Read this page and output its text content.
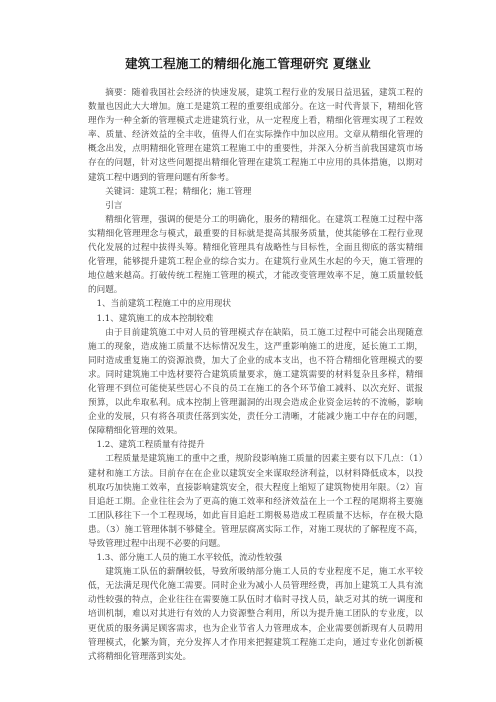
建筑工程施工的精细化施工管理研究 夏继业

摘要：随着我国社会经济的快速发展，建筑工程行业的发展日益迅猛，建筑工程的数量也因此大大增加。施工是建筑工程的重要组成部分。在这一时代背景下，精细化管理作为一种全新的管理模式走进建筑行业，从一定程度上看，精细化管理实现了工程效率、质量、经济效益的全丰收，值得人们在实际操作中加以应用。文章从精细化管理的概念出发，点明精细化管理在建筑工程施工中的重要性，并深入分析当前我国建筑市场存在的问题，针对这些问题提出精细化管理在建筑工程施工中应用的具体措施，以期对建筑工程中遇到的管理问题有所参考。

关键词：建筑工程；精细化；施工管理

引言

精细化管理，强调的便是分工的明确化，服务的精细化。在建筑工程施工过程中落实精细化管理理念与模式，最重要的目标就是提高其服务质量，使其能够在工程行业现代化发展的过程中拔得头筹。精细化管理具有战略性与目标性，全面且彻底的落实精细化管理，能够提升建筑工程企业的综合实力。在建筑行业风生水起的今天，施工管理的地位越来越高。打破传统工程施工管理的模式，才能改变管理效率不足，施工质量较低的问题。

1、当前建筑工程施工中的应用现状

1.1、建筑施工的成本控制较难

由于目前建筑施工中对人员的管理模式存在缺陷，员工施工过程中可能会出现随意施工的现象，造成施工质量不达标情况发生，这严重影响施工的进度，延长施工工期，同时造成重复施工的资源浪费，加大了企业的成本支出，也不符合精细化管理模式的要求。同时建筑施工中选材要符合建筑质量要求，施工建筑需要的材料复杂且多样，精细化管理不到位可能使某些居心不良的员工在施工的各个环节偷工减料、以次充好、谎报预算，以此牟取私利。成本控制上管理漏洞的出现会造成企业资金运转的不流畅，影响企业的发展，只有将各项责任落到实处，责任分工清晰，才能减少施工中存在的问题，保障精细化管理的效果。

1.2、建筑工程质量有待提升

工程质量是建筑施工的重中之重，规阶段影响施工质量的因素主要有以下几点：（1）建材和施工方法。目前存在在企业以建筑安全来谋取经济利益，以材料降低成本，以投机取巧加快施工效率，直接影响建筑安全，很大程度上缩短了建筑物使用年限。（2）盲目追赶工期。企业往往会为了更高的施工效率和经济效益在上一个工程的尾期将主要施工团队移往下一个工程现场，如此盲目追赶工期极易造成工程质量不达标，存在极大隐患。（3）施工管理体制不够健全。管理层腐离实际工作，对施工现状的了解程度不高，导致管理过程中出现不必要的问题。

1.3、部分施工人员的施工水平较低，流动性较强

建筑施工队伍的薪酬较低，导致所吸纳部分施工人员的专业程度不足，施工水平较低，无法满足现代化施工需要。同时企业为减小人员管理经费，再加上建筑工人具有流动性较强的特点，企业往往在需要施工队伍时才临时寻找人员，缺乏对其的统一调度和培训机制，难以对其进行有效的人力资源整合利用，所以为提升施工团队的专业度，以更优质的服务满足顾客需求，也为企业节省人力管理成本，企业需要创新现有人员聘用管理模式，化繁为简，充分发挥人才作用来把握建筑工程施工走向，通过专业化创新模式将精细化管理落到实处。
